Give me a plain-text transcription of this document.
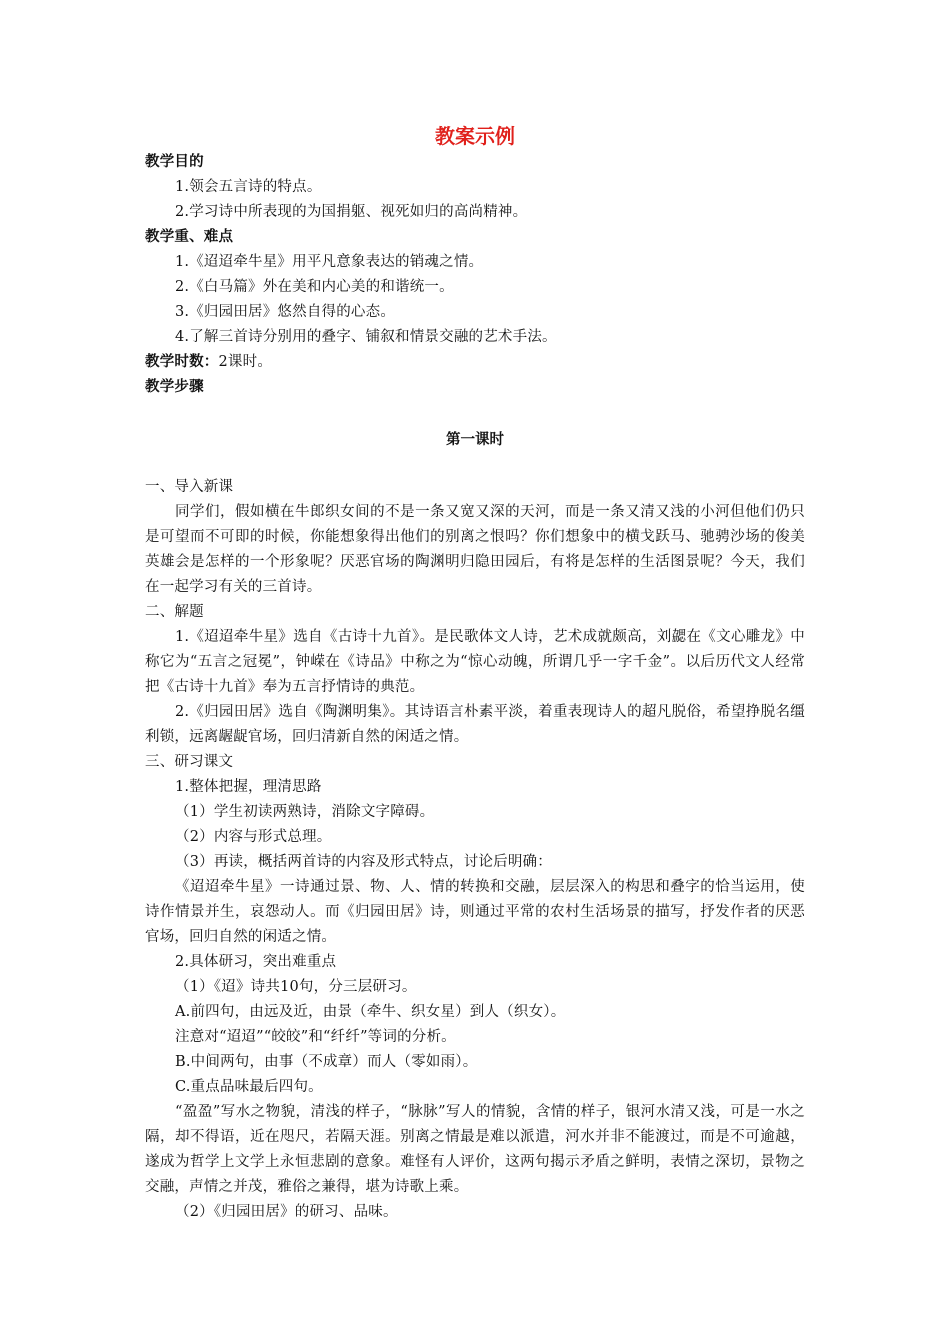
教案示例
教学目的
1.领会五言诗的特点。
2.学习诗中所表现的为国捐躯、视死如归的高尚精神。
教学重、难点
1.《迢迢牵牛星》用平凡意象表达的销魂之情。
2.《白马篇》外在美和内心美的和谐统一。
3.《归园田居》悠然自得的心态。
4.了解三首诗分别用的叠字、铺叙和情景交融的艺术手法。
教学时数：2课时。
教学步骤
第一课时
一、导入新课
同学们，假如横在牛郎织女间的不是一条又宽又深的天河，而是一条又清又浅的小河但他们仍只是可望而不可即的时候，你能想象得出他们的别离之恨吗？你们想象中的横戈跃马、驰骋沙场的俊美英雄会是怎样的一个形象呢？厌恶官场的陶渊明归隐田园后，有将是怎样的生活图景呢？今天，我们在一起学习有关的三首诗。
二、解题
1.《迢迢牵牛星》选自《古诗十九首》。是民歌体文人诗，艺术成就颇高，刘勰在《文心雕龙》中称它为“五言之冠冕”，钟嵘在《诗品》中称之为“惊心动魄，所谓几乎一字千金”。以后历代文人经常把《古诗十九首》奉为五言抒情诗的典范。
2.《归园田居》选自《陶渊明集》。其诗语言朴素平淡，着重表现诗人的超凡脱俗，希望挣脱名缰利锁，远离龌龊官场，回归清新自然的闲适之情。
三、研习课文
1.整体把握，理清思路
（1）学生初读两熟诗，消除文字障碍。
（2）内容与形式总理。
（3）再读，概括两首诗的内容及形式特点，讨论后明确：
《迢迢牵牛星》一诗通过景、物、人、情的转换和交融，层层深入的构思和叠字的恰当运用，使诗作情景并生，哀怨动人。而《归园田居》诗，则通过平常的农村生活场景的描写，抒发作者的厌恶官场，回归自然的闲适之情。
2.具体研习，突出难重点
（1）《迢》诗共10句，分三层研习。
A.前四句，由远及近，由景（牵牛、织女星）到人（织女）。
注意对“迢迢”“皎皎”和“纤纤”等词的分析。
B.中间两句，由事（不成章）而人（零如雨）。
C.重点品味最后四句。
“盈盈”写水之物貌，清浅的样子，“脉脉”写人的情貌，含情的样子，银河水清又浅，可是一水之隔，却不得语，近在咫尺，若隔天涯。别离之情最是难以派遣，河水并非不能渡过，而是不可逾越，遂成为哲学上文学上永恒悲剧的意象。难怪有人评价，这两句揭示矛盾之鲜明，表情之深切，景物之交融，声情之并茂，雅俗之兼得，堪为诗歌上乘。
（2）《归园田居》的研习、品味。
